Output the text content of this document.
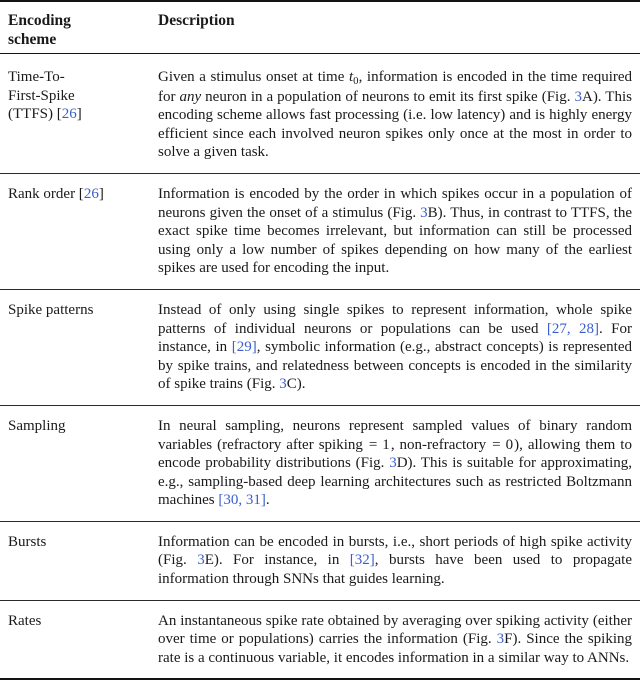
Encoding
scheme	Description

Time-To-
First-Spike
(TTFS) [26]	Given a stimulus onset at time $t_0$, information is encoded in the time required for any neuron in a population of neurons to emit its first spike (Fig. 3A). This encoding scheme allows fast processing (i.e. low latency) and is highly energy efficient since each involved neuron spikes only once at the most in order to solve a given task.
Rank order [26]	Information is encoded by the order in which spikes occur in a population of neurons given the onset of a stimulus (Fig. 3B). Thus, in contrast to TTFS, the exact spike time becomes irrelevant, but information can still be processed using only a low number of spikes depending on how many of the earliest spikes are used for encoding the input.
Spike patterns	Instead of only using single spikes to represent information, whole spike patterns of individual neurons or populations can be used [27, 28]. For instance, in [29], symbolic information (e.g., abstract concepts) is represented by spike trains, and relatedness between concepts is encoded in the similarity of spike trains (Fig. 3C).
Sampling	In neural sampling, neurons represent sampled values of binary random variables (refractory after spiking = 1, non-refractory = 0), allowing them to encode probability distributions (Fig. 3D). This is suitable for approximating, e.g., sampling-based deep learning architectures such as restricted Boltzmann machines [30, 31].
Bursts	Information can be encoded in bursts, i.e., short periods of high spike activity (Fig. 3E). For instance, in [32], bursts have been used to propagate information through SNNs that guides learning.
Rates	An instantaneous spike rate obtained by averaging over spiking activity (either over time or populations) carries the information (Fig. 3F). Since the spiking rate is a continuous variable, it encodes information in a similar way to ANNs.
